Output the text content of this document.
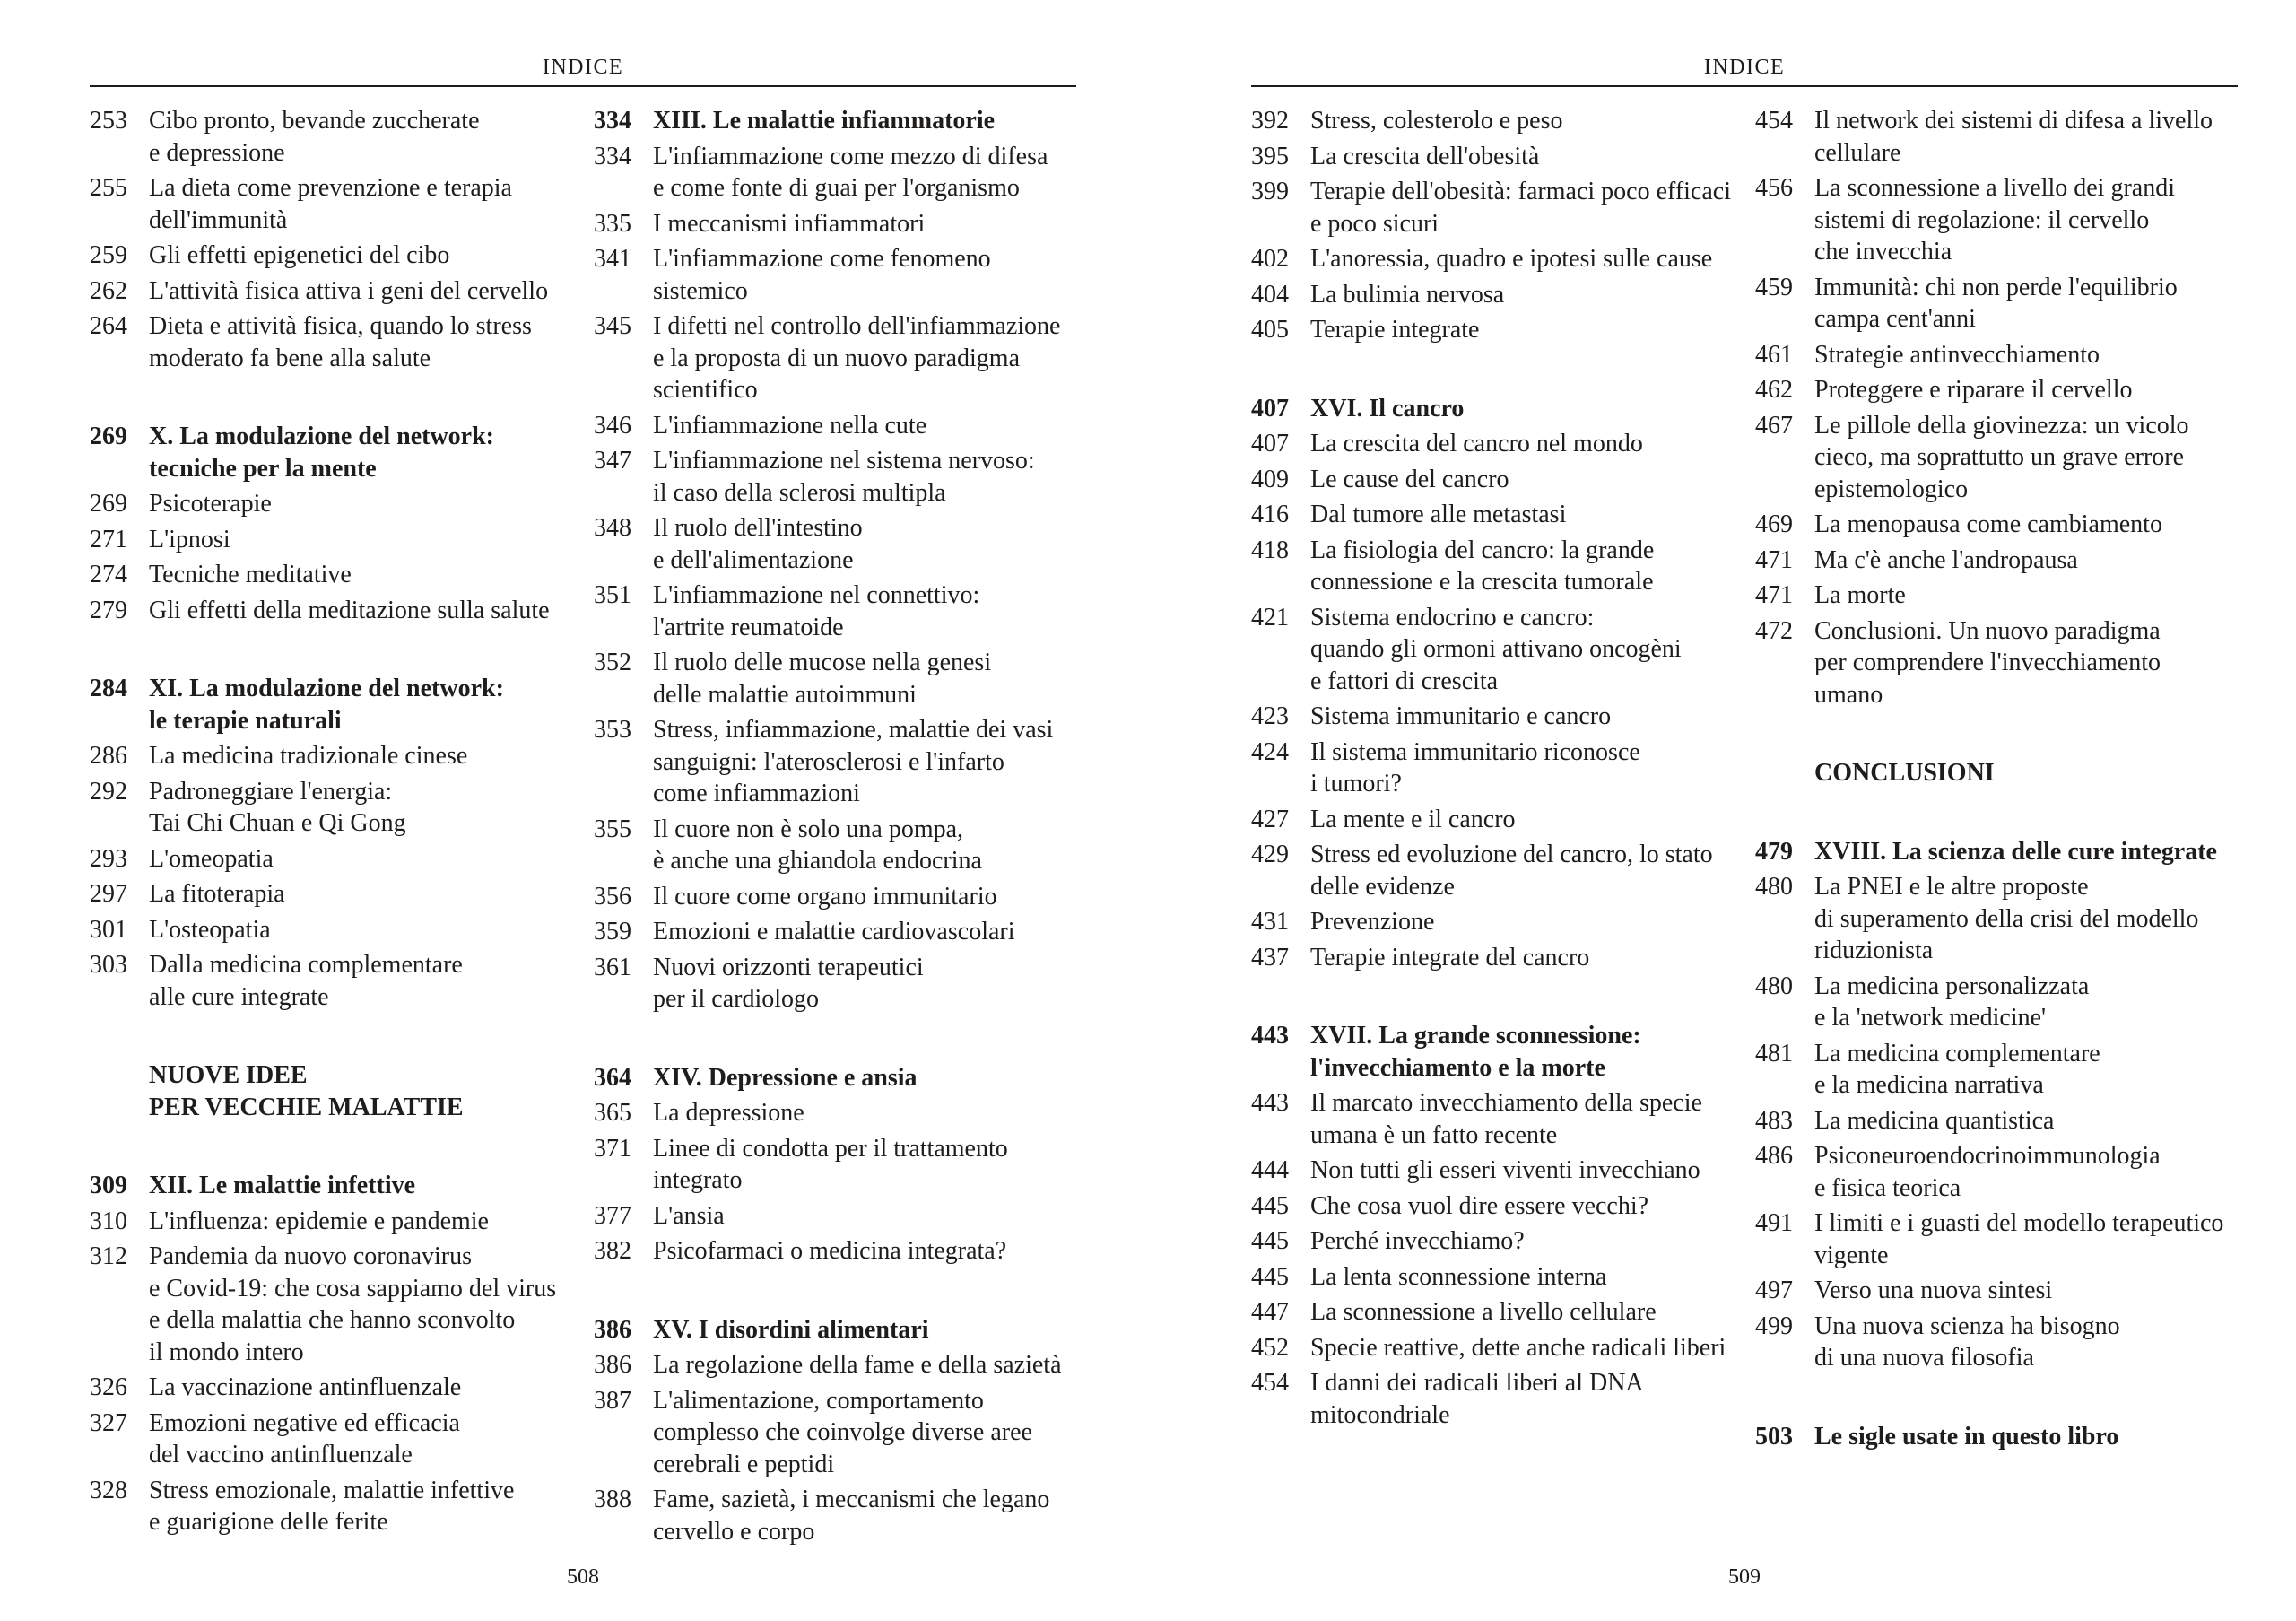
INDICE
253 Cibo pronto, bevande zuccherate
e depressione
255 La dieta come prevenzione e terapia
dell'immunità
259 Gli effetti epigenetici del cibo
262 L'attività fisica attiva i geni del cervello
264 Dieta e attività fisica, quando lo stress
moderato fa bene alla salute
269 X. La modulazione del network:
tecniche per la mente
269 Psicoterapie
271 L'ipnosi
274 Tecniche meditative
279 Gli effetti della meditazione sulla salute
284 XI. La modulazione del network:
le terapie naturali
286 La medicina tradizionale cinese
292 Padroneggiare l'energia:
Tai Chi Chuan e Qi Gong
293 L'omeopatia
297 La fitoterapia
301 L'osteopatia
303 Dalla medicina complementare
alle cure integrate
NUOVE IDEE
PER VECCHIE MALATTIE
309 XII. Le malattie infettive
310 L'influenza: epidemie e pandemie
312 Pandemia da nuovo coronavirus
e Covid-19: che cosa sappiamo del virus
e della malattia che hanno sconvolto
il mondo intero
326 La vaccinazione antinfluenzale
327 Emozioni negative ed efficacia
del vaccino antinfluenzale
328 Stress emozionale, malattie infettive
e guarigione delle ferite
334 XIII. Le malattie infiammatorie
334 L'infiammazione come mezzo di difesa
e come fonte di guai per l'organismo
335 I meccanismi infiammatori
341 L'infiammazione come fenomeno
sistemico
345 I difetti nel controllo dell'infiammazione
e la proposta di un nuovo paradigma
scientifico
346 L'infiammazione nella cute
347 L'infiammazione nel sistema nervoso:
il caso della sclerosi multipla
348 Il ruolo dell'intestino
e dell'alimentazione
351 L'infiammazione nel connettivo:
l'artrite reumatoide
352 Il ruolo delle mucose nella genesi
delle malattie autoimmuni
353 Stress, infiammazione, malattie dei vasi
sanguigni: l'aterosclerosi e l'infarto
come infiammazioni
355 Il cuore non è solo una pompa,
è anche una ghiandola endocrina
356 Il cuore come organo immunitario
359 Emozioni e malattie cardiovascolari
361 Nuovi orizzonti terapeutici
per il cardiologo
364 XIV. Depressione e ansia
365 La depressione
371 Linee di condotta per il trattamento
integrato
377 L'ansia
382 Psicofarmaci o medicina integrata?
386 XV. I disordini alimentari
386 La regolazione della fame e della sazietà
387 L'alimentazione, comportamento
complesso che coinvolge diverse aree
cerebrali e peptidi
388 Fame, sazietà, i meccanismi che legano
cervello e corpo
508
INDICE
392 Stress, colesterolo e peso
395 La crescita dell'obesità
399 Terapie dell'obesità: farmaci poco efficaci
e poco sicuri
402 L'anoressia, quadro e ipotesi sulle cause
404 La bulimia nervosa
405 Terapie integrate
407 XVI. Il cancro
407 La crescita del cancro nel mondo
409 Le cause del cancro
416 Dal tumore alle metastasi
418 La fisiologia del cancro: la grande
connessione e la crescita tumorale
421 Sistema endocrino e cancro:
quando gli ormoni attivano oncogèni
e fattori di crescita
423 Sistema immunitario e cancro
424 Il sistema immunitario riconosce
i tumori?
427 La mente e il cancro
429 Stress ed evoluzione del cancro, lo stato
delle evidenze
431 Prevenzione
437 Terapie integrate del cancro
443 XVII. La grande sconnessione:
l'invecchiamento e la morte
443 Il marcato invecchiamento della specie
umana è un fatto recente
444 Non tutti gli esseri viventi invecchiano
445 Che cosa vuol dire essere vecchi?
445 Perché invecchiamo?
445 La lenta sconnessione interna
447 La sconnessione a livello cellulare
452 Specie reattive, dette anche radicali liberi
454 I danni dei radicali liberi al DNA
mitocondriale
454 Il network dei sistemi di difesa a livello
cellulare
456 La sconnessione a livello dei grandi
sistemi di regolazione: il cervello
che invecchia
459 Immunità: chi non perde l'equilibrio
campa cent'anni
461 Strategie antinvecchiamento
462 Proteggere e riparare il cervello
467 Le pillole della giovinezza: un vicolo
cieco, ma soprattutto un grave errore
epistemologico
469 La menopausa come cambiamento
471 Ma c'è anche l'andropausa
471 La morte
472 Conclusioni. Un nuovo paradigma
per comprendere l'invecchiamento
umano
CONCLUSIONI
479 XVIII. La scienza delle cure integrate
480 La PNEI e le altre proposte
di superamento della crisi del modello
riduzionista
480 La medicina personalizzata
e la 'network medicine'
481 La medicina complementare
e la medicina narrativa
483 La medicina quantistica
486 Psiconeuroendocrinoimmunologia
e fisica teorica
491 I limiti e i guasti del modello terapeutico
vigente
497 Verso una nuova sintesi
499 Una nuova scienza ha bisogno
di una nuova filosofia
503 Le sigle usate in questo libro
509
